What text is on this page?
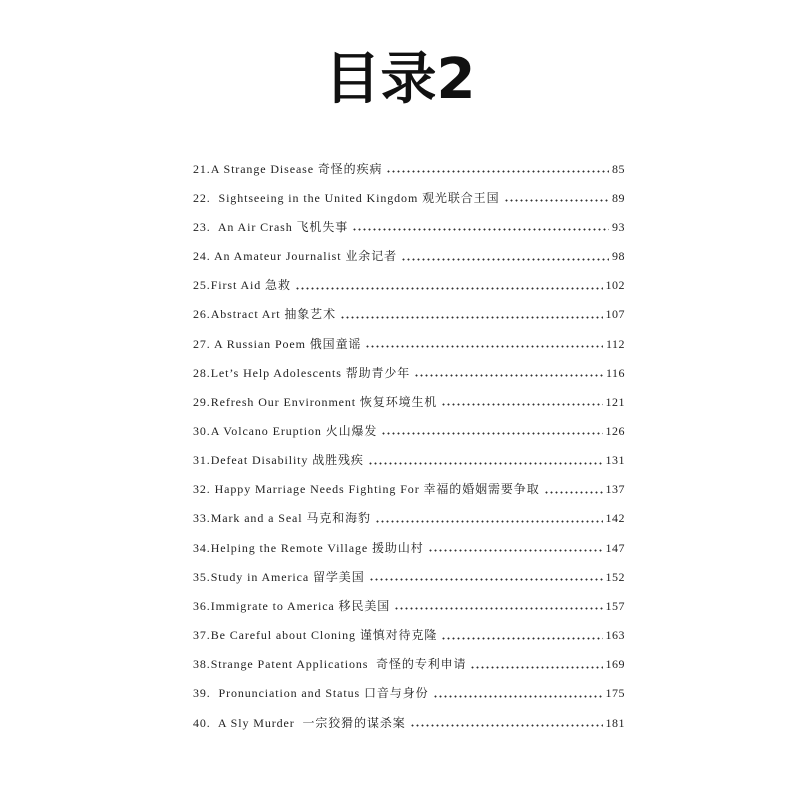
目录2
21.A Strange Disease 奇怪的疾病	85
22.  Sightseeing in the United Kingdom 观光联合王国	89
23.  An Air Crash 飞机失事	93
24. An Amateur Journalist 业余记者	98
25.First Aid 急救	102
26.Abstract Art 抽象艺术	107
27. A Russian Poem 俄国童谣	112
28.Let’s Help Adolescents 帮助青少年	116
29.Refresh Our Environment 恢复环境生机	121
30.A Volcano Eruption 火山爆发	126
31.Defeat Disability 战胜残疾	131
32. Happy Marriage Needs Fighting For 幸福的婚姻需要争取	137
33.Mark and a Seal 马克和海豹	142
34.Helping the Remote Village 援助山村	147
35.Study in America 留学美国	152
36.Immigrate to America 移民美国	157
37.Be Careful about Cloning 谨慎对待克隆	163
38.Strange Patent Applications  奇怪的专利申请	169
39.  Pronunciation and Status 口音与身份	175
40.  A Sly Murder  一宗狡猾的谋杀案	181
